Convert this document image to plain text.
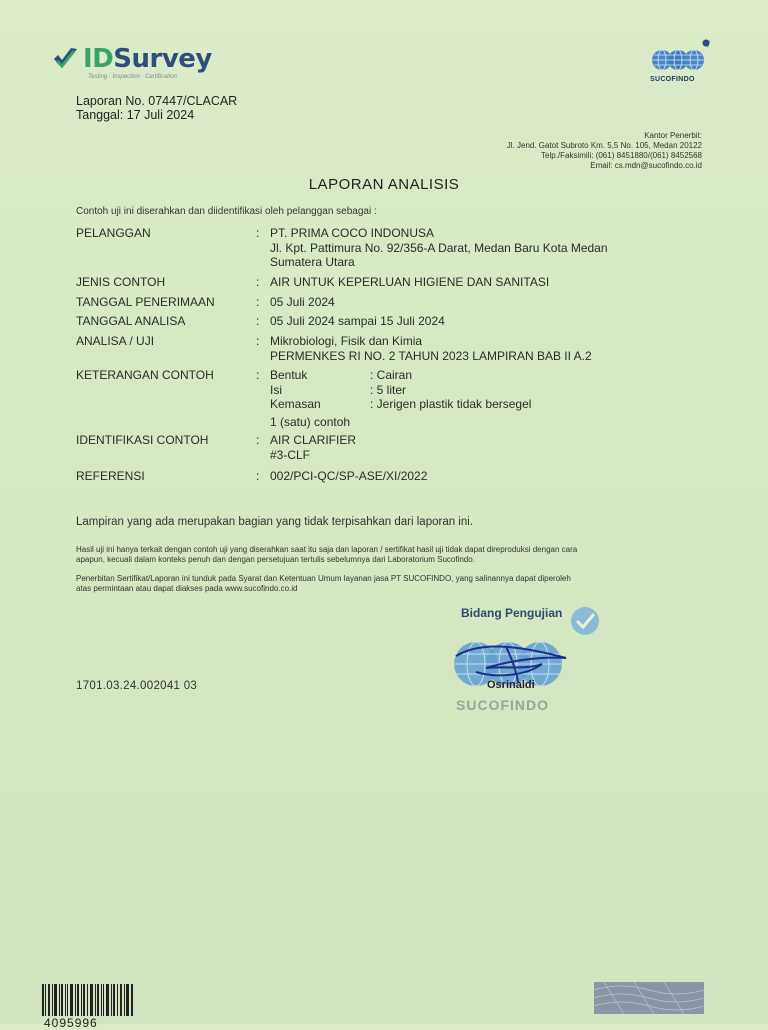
IDSurvey
Testing · Inspection · Certification	SUCOFINDO
Laporan No. 07447/CLACAR
Tanggal: 17 Juli 2024
Kantor Penerbit:
Jl. Jend. Gatot Subroto Km. 5,5 No. 105, Medan 20122
Telp./Faksimili: (061) 8451880/(061) 8452568
Email: cs.mdn@sucofindo.co.id
LAPORAN ANALISIS
Contoh uji ini diserahkan dan diidentifikasi oleh pelanggan sebagai :
PELANGGAN	: PT. PRIMA COCO INDONUSA
Jl. Kpt. Pattimura No. 92/356-A Darat, Medan Baru Kota Medan
Sumatera Utara
JENIS CONTOH	: AIR UNTUK KEPERLUAN HIGIENE DAN SANITASI
TANGGAL PENERIMAAN	: 05 Juli 2024
TANGGAL ANALISA	: 05 Juli 2024 sampai 15 Juli 2024
ANALISA / UJI	: Mikrobiologi, Fisik dan Kimia
PERMENKES RI NO. 2 TAHUN 2023 LAMPIRAN BAB II A.2
KETERANGAN CONTOH	: Bentuk	: Cairan
Isi	: 5 liter
Kemasan	: Jerigen plastik tidak bersegel
1 (satu) contoh
IDENTIFIKASI CONTOH	: AIR CLARIFIER
#3-CLF
REFERENSI	: 002/PCI-QC/SP-ASE/XI/2022
Lampiran yang ada merupakan bagian yang tidak terpisahkan dari laporan ini.
Hasil uji ini hanya terkait dengan contoh uji yang diserahkan saat itu saja dan laporan / sertifikat hasil uji tidak dapat direproduksi dengan cara
apapun, kecuali dalam konteks penuh dan dengan persetujuan tertulis sebelumnya dari Laboratorium Sucofindo.
Penerbitan Sertifikat/Laporan ini tunduk pada Syarat dan Ketentuan Umum layanan jasa PT SUCOFINDO, yang salinannya dapat diperoleh
atas permintaan atau dapat diakses pada www.sucofindo.co.id
Bidang Pengujian
Osrinaldi
SUCOFINDO
1701.03.24.002041 03
4095996
